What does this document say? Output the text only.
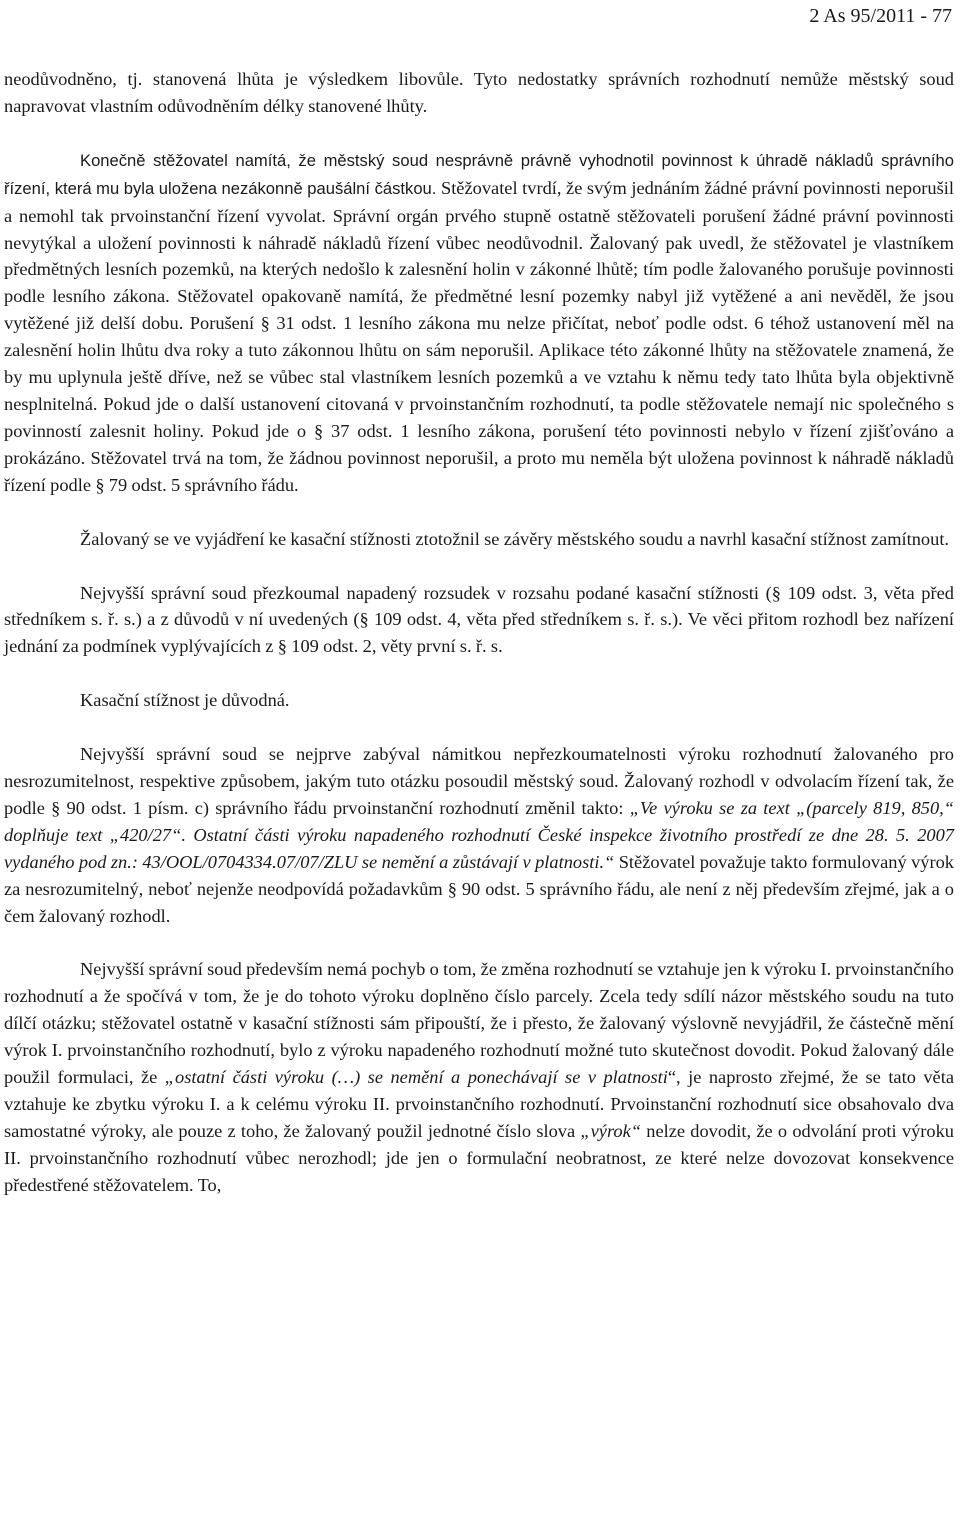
2 As 95/2011 - 77

neodůvodněno, tj. stanovená lhůta je výsledkem libovůle. Tyto nedostatky správních rozhodnutí nemůže městský soud napravovat vlastním odůvodněním délky stanovené lhůty.

Konečně stěžovatel namítá, že městský soud nesprávně právně vyhodnotil povinnost k úhradě nákladů správního řízení, která mu byla uložena nezákonně paušální částkou. Stěžovatel tvrdí, že svým jednáním žádné právní povinnosti neporušil a nemohl tak prvoinstanční řízení vyvolat. Správní orgán prvého stupně ostatně stěžovateli porušení žádné právní povinnosti nevytýkal a uložení povinnosti k náhradě nákladů řízení vůbec neodůvodnil. Žalovaný pak uvedl, že stěžovatel je vlastníkem předmětných lesních pozemků, na kterých nedošlo k zalesnění holin v zákonné lhůtě; tím podle žalovaného porušuje povinnosti podle lesního zákona. Stěžovatel opakovaně namítá, že předmětné lesní pozemky nabyl již vytěžené a ani nevěděl, že jsou vytěžené již delší dobu. Porušení § 31 odst. 1 lesního zákona mu nelze přičítat, neboť podle odst. 6 téhož ustanovení měl na zalesnění holin lhůtu dva roky a tuto zákonnou lhůtu on sám neporušil. Aplikace této zákonné lhůty na stěžovatele znamená, že by mu uplynula ještě dříve, než se vůbec stal vlastníkem lesních pozemků a ve vztahu k němu tedy tato lhůta byla objektivně nesplnitelná. Pokud jde o další ustanovení citovaná v prvoinstančním rozhodnutí, ta podle stěžovatele nemají nic společného s povinností zalesnit holiny. Pokud jde o § 37 odst. 1 lesního zákona, porušení této povinnosti nebylo v řízení zjišťováno a prokázáno. Stěžovatel trvá na tom, že žádnou povinnost neporušil, a proto mu neměla být uložena povinnost k náhradě nákladů řízení podle § 79 odst. 5 správního řádu.

Žalovaný se ve vyjádření ke kasační stížnosti ztotožnil se závěry městského soudu a navrhl kasační stížnost zamítnout.

Nejvyšší správní soud přezkoumal napadený rozsudek v rozsahu podané kasační stížnosti (§ 109 odst. 3, věta před středníkem s. ř. s.) a z důvodů v ní uvedených (§ 109 odst. 4, věta před středníkem s. ř. s.). Ve věci přitom rozhodl bez nařízení jednání za podmínek vyplývajících z § 109 odst. 2, věty první s. ř. s.

Kasační stížnost je důvodná.

Nejvyšší správní soud se nejprve zabýval námitkou nepřezkoumatelnosti výroku rozhodnutí žalovaného pro nesrozumitelnost, respektive způsobem, jakým tuto otázku posoudil městský soud. Žalovaný rozhodl v odvolacím řízení tak, že podle § 90 odst. 1 písm. c) správního řádu prvoinstanční rozhodnutí změnil takto: „Ve výroku se za text „(parcely 819, 850,“ doplňuje text „420/27“. Ostatní části výroku napadeného rozhodnutí České inspekce životního prostředí ze dne 28. 5. 2007 vydaného pod zn.: 43/OOL/0704334.07/07/ZLU se nemění a zůstávají v platnosti.“ Stěžovatel považuje takto formulovaný výrok za nesrozumitelný, neboť nejenže neodpovídá požadavkům § 90 odst. 5 správního řádu, ale není z něj především zřejmé, jak a o čem žalovaný rozhodl.

Nejvyšší správní soud především nemá pochyb o tom, že změna rozhodnutí se vztahuje jen k výroku I. prvoinstančního rozhodnutí a že spočívá v tom, že je do tohoto výroku doplněno číslo parcely. Zcela tedy sdílí názor městského soudu na tuto dílčí otázku; stěžovatel ostatně v kasační stížnosti sám připouští, že i přesto, že žalovaný výslovně nevyjádřil, že částečně mění výrok I. prvoinstančního rozhodnutí, bylo z výroku napadeného rozhodnutí možné tuto skutečnost dovodit. Pokud žalovaný dále použil formulaci, že „ostatní části výroku (…) se nemění a ponechávají se v platnosti“, je naprosto zřejmé, že se tato věta vztahuje ke zbytku výroku I. a k celému výroku II. prvoinstančního rozhodnutí. Prvoinstanční rozhodnutí sice obsahovalo dva samostatné výroky, ale pouze z toho, že žalovaný použil jednotné číslo slova „výrok“ nelze dovodit, že o odvolání proti výroku II. prvoinstančního rozhodnutí vůbec nerozhodl; jde jen o formulační neobratnost, ze které nelze dovozovat konsekvence předestřené stěžovatelem. To,
